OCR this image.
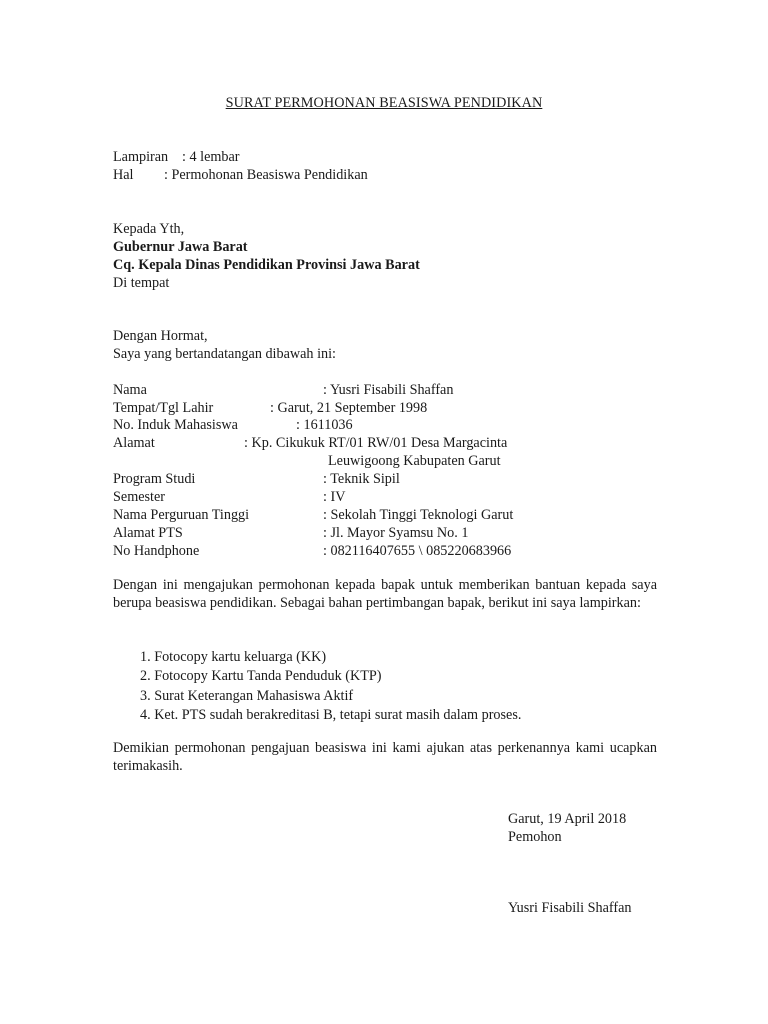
SURAT PERMOHONAN BEASISWA PENDIDIKAN
Lampiran : 4 lembar
Hal : Permohonan Beasiswa Pendidikan
Kepada Yth,
Gubernur Jawa Barat
Cq. Kepala Dinas Pendidikan Provinsi Jawa Barat
Di tempat
Dengan Hormat,
Saya yang bertandatangan dibawah ini:
Nama	: Yusri Fisabili Shaffan
Tempat/Tgl Lahir	: Garut, 21 September 1998
No. Induk Mahasiswa	: 1611036
Alamat	: Kp. Cikukuk RT/01 RW/01 Desa Margacinta
Leuwigoong Kabupaten Garut
Program Studi	: Teknik Sipil
Semester	: IV
Nama Perguruan Tinggi	: Sekolah Tinggi Teknologi Garut
Alamat PTS	: Jl. Mayor Syamsu No. 1
No Handphone	: 082116407655 \ 085220683966
Dengan ini mengajukan permohonan kepada bapak untuk memberikan bantuan kepada saya berupa beasiswa pendidikan. Sebagai bahan pertimbangan bapak, berikut ini saya lampirkan:
1. Fotocopy kartu keluarga (KK)
2. Fotocopy Kartu Tanda Penduduk (KTP)
3. Surat Keterangan Mahasiswa Aktif
4. Ket. PTS sudah berakreditasi B, tetapi surat masih dalam proses.
Demikian permohonan pengajuan beasiswa ini kami ajukan atas perkenannya kami ucapkan terimakasih.
Garut, 19 April 2018
Pemohon
Yusri Fisabili Shaffan
